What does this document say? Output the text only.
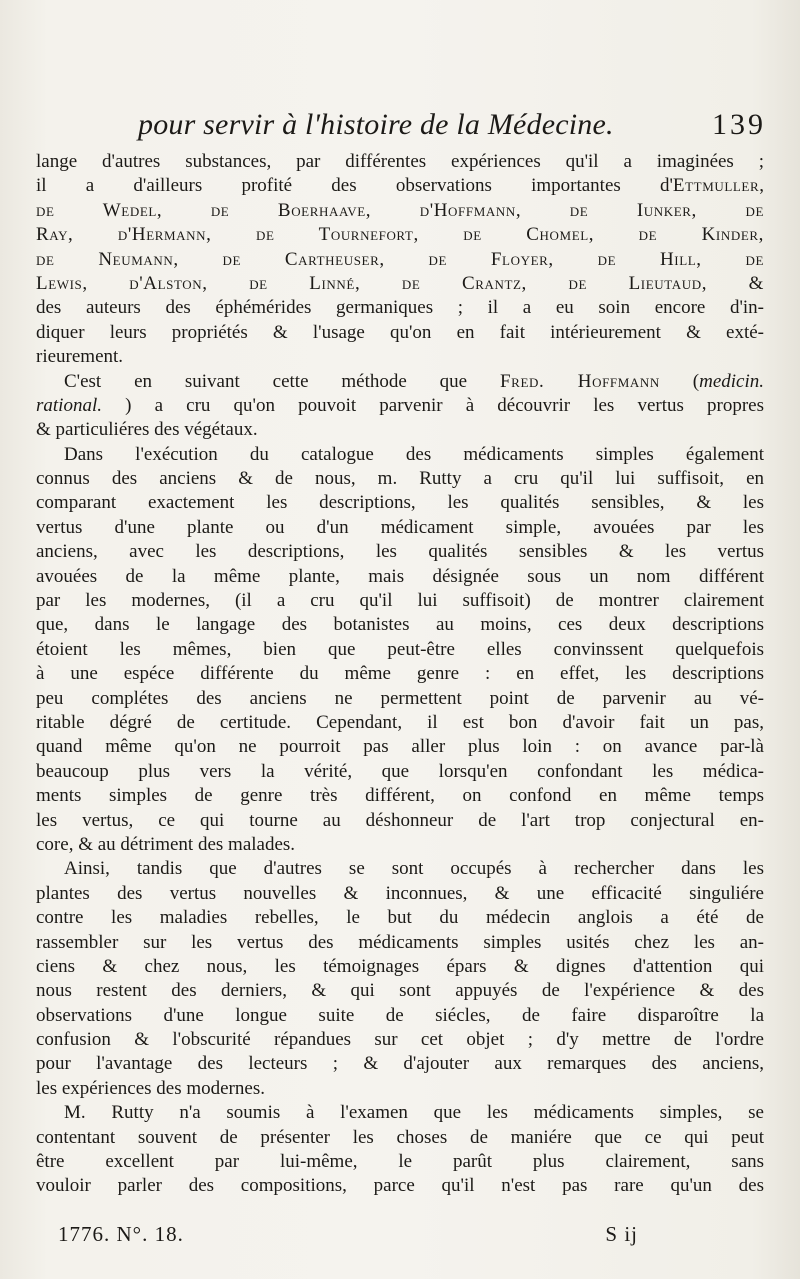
pour servir à l'histoire de la Médecine.	139
lange d'autres substances, par différentes expériences qu'il a imaginées ;
il a d'ailleurs profité des observations importantes d'Ettmuller,
de Wedel, de Boerhaave, d'Hoffmann, de Iunker, de
Ray, d'Hermann, de Tournefort, de Chomel, de Kinder,
de Neumann, de Cartheuser, de Floyer, de Hill, de
Lewis, d'Alston, de Linné, de Crantz, de Lieutaud, &
des auteurs des éphémérides germaniques ; il a eu soin encore d'in-
diquer leurs propriétés & l'usage qu'on en fait intérieurement & exté-
rieurement.
C'est en suivant cette méthode que Fred. Hoffmann (medicin.
rational. ) a cru qu'on pouvoit parvenir à découvrir les vertus propres
& particuliéres des végétaux.
Dans l'exécution du catalogue des médicaments simples également
connus des anciens & de nous, m. Rutty a cru qu'il lui suffisoit, en
comparant exactement les descriptions, les qualités sensibles, & les
vertus d'une plante ou d'un médicament simple, avouées par les
anciens, avec les descriptions, les qualités sensibles & les vertus
avouées de la même plante, mais désignée sous un nom différent
par les modernes, (il a cru qu'il lui suffisoit) de montrer clairement
que, dans le langage des botanistes au moins, ces deux descriptions
étoient les mêmes, bien que peut-être elles convinssent quelquefois
à une espéce différente du même genre : en effet, les descriptions
peu complétes des anciens ne permettent point de parvenir au vé-
ritable dégré de certitude. Cependant, il est bon d'avoir fait un pas,
quand même qu'on ne pourroit pas aller plus loin : on avance par-là
beaucoup plus vers la vérité, que lorsqu'en confondant les médica-
ments simples de genre très différent, on confond en même temps
les vertus, ce qui tourne au déshonneur de l'art trop conjectural en-
core, & au détriment des malades.
Ainsi, tandis que d'autres se sont occupés à rechercher dans les
plantes des vertus nouvelles & inconnues, & une efficacité singuliére
contre les maladies rebelles, le but du médecin anglois a été de
rassembler sur les vertus des médicaments simples usités chez les an-
ciens & chez nous, les témoignages épars & dignes d'attention qui
nous restent des derniers, & qui sont appuyés de l'expérience & des
observations d'une longue suite de siécles, de faire disparoître la
confusion & l'obscurité répandues sur cet objet ; d'y mettre de l'ordre
pour l'avantage des lecteurs ; & d'ajouter aux remarques des anciens,
les expériences des modernes.
M. Rutty n'a soumis à l'examen que les médicaments simples, se
contentant souvent de présenter les choses de maniére que ce qui peut
être excellent par lui-même, le parût plus clairement, sans
vouloir parler des compositions, parce qu'il n'est pas rare qu'un des
1776. N°. 18.	S ij
